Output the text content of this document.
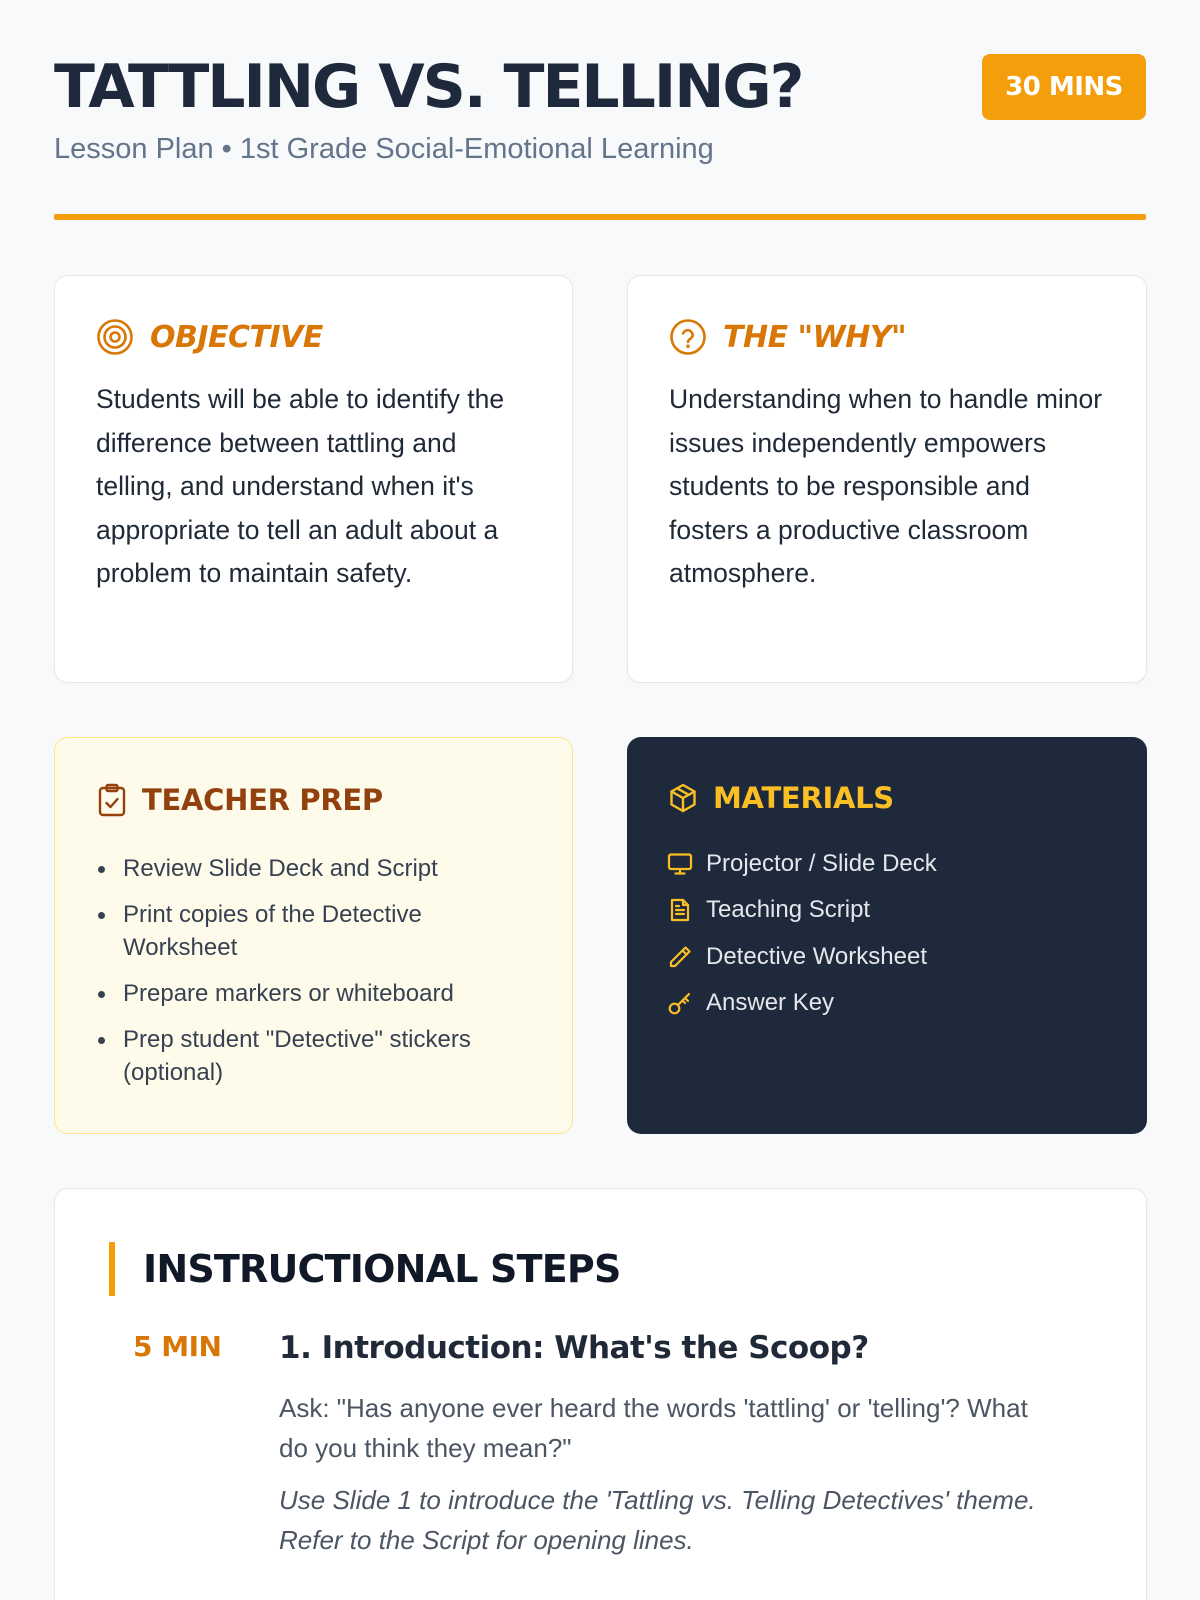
TATTLING VS. TELLING?
Lesson Plan • 1st Grade Social-Emotional Learning
30 MINS
OBJECTIVE
Students will be able to identify the difference between tattling and telling, and understand when it's appropriate to tell an adult about a problem to maintain safety.
THE "WHY"
Understanding when to handle minor issues independently empowers students to be responsible and fosters a productive classroom atmosphere.
TEACHER PREP
Review Slide Deck and Script
Print copies of the Detective Worksheet
Prepare markers or whiteboard
Prep student "Detective" stickers (optional)
MATERIALS
Projector / Slide Deck
Teaching Script
Detective Worksheet
Answer Key
INSTRUCTIONAL STEPS
5 MIN 1. Introduction: What's the Scoop?
Ask: "Has anyone ever heard the words 'tattling' or 'telling'? What do you think they mean?"
Use Slide 1 to introduce the 'Tattling vs. Telling Detectives' theme. Refer to the Script for opening lines.
